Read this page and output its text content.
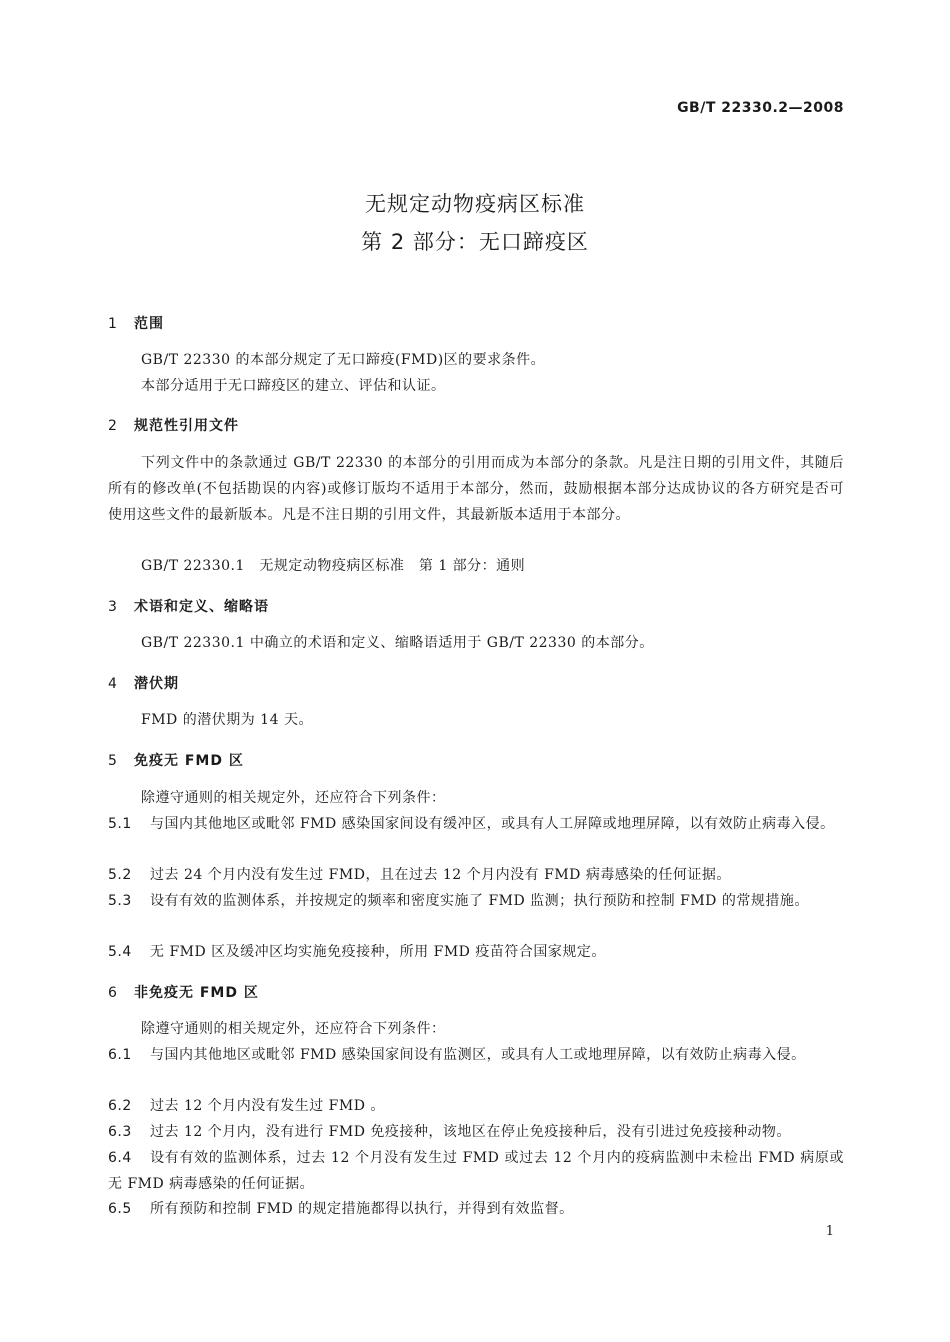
GB/T 22330.2—2008
无规定动物疫病区标准
第 2 部分：无口蹄疫区
1 范围
GB/T 22330 的本部分规定了无口蹄疫(FMD)区的要求条件。
本部分适用于无口蹄疫区的建立、评估和认证。
2 规范性引用文件
下列文件中的条款通过 GB/T 22330 的本部分的引用而成为本部分的条款。凡是注日期的引用文件，其随后所有的修改单(不包括勘误的内容)或修订版均不适用于本部分，然而，鼓励根据本部分达成协议的各方研究是否可使用这些文件的最新版本。凡是不注日期的引用文件，其最新版本适用于本部分。
GB/T 22330.1　无规定动物疫病区标准　第 1 部分：通则
3 术语和定义、缩略语
GB/T 22330.1 中确立的术语和定义、缩略语适用于 GB/T 22330 的本部分。
4 潜伏期
FMD 的潜伏期为 14 天。
5 免疫无 FMD 区
除遵守通则的相关规定外，还应符合下列条件：
5.1 与国内其他地区或毗邻 FMD 感染国家间设有缓冲区，或具有人工屏障或地理屏障，以有效防止病毒入侵。
5.2 过去 24 个月内没有发生过 FMD，且在过去 12 个月内没有 FMD 病毒感染的任何证据。
5.3 设有有效的监测体系，并按规定的频率和密度实施了 FMD 监测；执行预防和控制 FMD 的常规措施。
5.4 无 FMD 区及缓冲区均实施免疫接种，所用 FMD 疫苗符合国家规定。
6 非免疫无 FMD 区
除遵守通则的相关规定外，还应符合下列条件：
6.1 与国内其他地区或毗邻 FMD 感染国家间设有监测区，或具有人工或地理屏障，以有效防止病毒入侵。
6.2 过去 12 个月内没有发生过 FMD 。
6.3 过去 12 个月内，没有进行 FMD 免疫接种，该地区在停止免疫接种后，没有引进过免疫接种动物。
6.4 设有有效的监测体系，过去 12 个月没有发生过 FMD 或过去 12 个月内的疫病监测中未检出 FMD 病原或无 FMD 病毒感染的任何证据。
6.5 所有预防和控制 FMD 的规定措施都得以执行，并得到有效监督。
1
